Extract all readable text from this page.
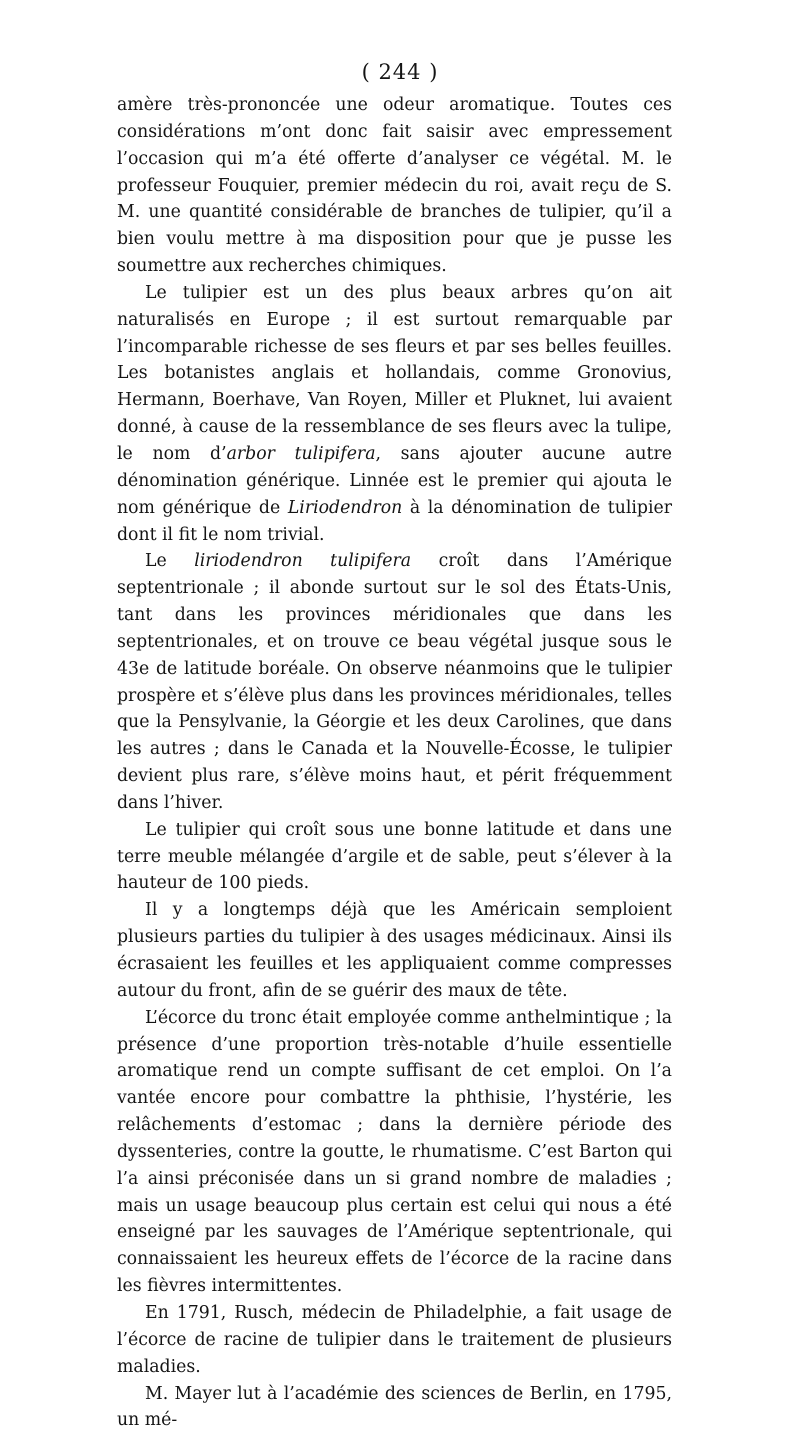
( 244 )

amère très-prononcée une odeur aromatique. Toutes ces considérations m’ont donc fait saisir avec empressement l’occasion qui m’a été offerte d’analyser ce végétal. M. le professeur Fouquier, premier médecin du roi, avait reçu de S. M. une quantité considérable de branches de tulipier, qu’il a bien voulu mettre à ma disposition pour que je pusse les soumettre aux recherches chimiques.

Le tulipier est un des plus beaux arbres qu’on ait naturalisés en Europe ; il est surtout remarquable par l’incomparable richesse de ses fleurs et par ses belles feuilles. Les botanistes anglais et hollandais, comme Gronovius, Hermann, Boerhave, Van Royen, Miller et Pluknet, lui avaient donné, à cause de la ressemblance de ses fleurs avec la tulipe, le nom d’arbor tulipifera, sans ajouter aucune autre dénomination générique. Linnée est le premier qui ajouta le nom générique de Liriodendron à la dénomination de tulipier dont il fit le nom trivial.

Le liriodendron tulipifera croît dans l’Amérique septentrionale ; il abonde surtout sur le sol des États-Unis, tant dans les provinces méridionales que dans les septentrionales, et on trouve ce beau végétal jusque sous le 43e de latitude boréale. On observe néanmoins que le tulipier prospère et s’élève plus dans les provinces méridionales, telles que la Pensylvanie, la Géorgie et les deux Carolines, que dans les autres ; dans le Canada et la Nouvelle-Écosse, le tulipier devient plus rare, s’élève moins haut, et périt fréquemment dans l’hiver.

Le tulipier qui croît sous une bonne latitude et dans une terre meuble mélangée d’argile et de sable, peut s’élever à la hauteur de 100 pieds.

Il y a longtemps déjà que les Américain semploient plusieurs parties du tulipier à des usages médicinaux. Ainsi ils écrasaient les feuilles et les appliquaient comme compresses autour du front, afin de se guérir des maux de tête.

L’écorce du tronc était employée comme anthelmintique ; la présence d’une proportion très-notable d’huile essentielle aromatique rend un compte suffisant de cet emploi. On l’a vantée encore pour combattre la phthisie, l’hystérie, les relâchements d’estomac ; dans la dernière période des dyssenteries, contre la goutte, le rhumatisme. C’est Barton qui l’a ainsi préconisée dans un si grand nombre de maladies ; mais un usage beaucoup plus certain est celui qui nous a été enseigné par les sauvages de l’Amérique septentrionale, qui connaissaient les heureux effets de l’écorce de la racine dans les fièvres intermittentes.

En 1791, Rusch, médecin de Philadelphie, a fait usage de l’écorce de racine de tulipier dans le traitement de plusieurs maladies.

M. Mayer lut à l’académie des sciences de Berlin, en 1795, un mé-
